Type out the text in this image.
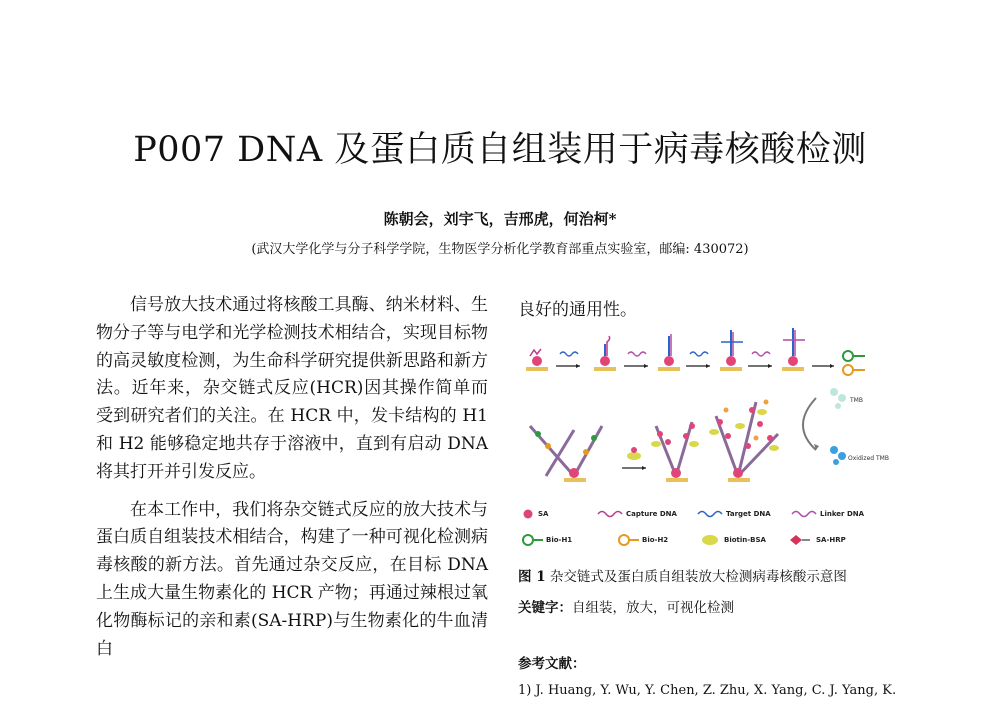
P007 DNA 及蛋白质自组装用于病毒核酸检测
陈朝会，刘宇飞，吉邢虎，何治柯*
(武汉大学化学与分子科学学院，生物医学分析化学教育部重点实验室，邮编: 430072)

信号放大技术通过将核酸工具酶、纳米材料、生物分子等与电学和光学检测技术相结合，实现目标物的高灵敏度检测，为生命科学研究提供新思路和新方法。近年来，杂交链式反应(HCR)因其操作简单而受到研究者们的关注。在 HCR 中，发卡结构的 H1 和 H2 能够稳定地共存于溶液中，直到有启动 DNA 将其打开并引发反应。

在本工作中，我们将杂交链式反应的放大技术与蛋白质自组装技术相结合，构建了一种可视化检测病毒核酸的新方法。首先通过杂交反应，在目标 DNA 上生成大量生物素化的 HCR 产物；再通过辣根过氧化物酶标记的亲和素(SA-HRP)与生物素化的牛血清白

良好的通用性。
TMB
Oxidized TMB
SA	Capture DNA	Target DNA	Linker DNA
Bio-H1	Bio-H2	Biotin-BSA	SA-HRP
图 1 杂交链式及蛋白质自组装放大检测病毒核酸示意图
关键字：自组装，放大，可视化检测
参考文献：
1) J. Huang, Y. Wu, Y. Chen, Z. Zhu, X. Yang, C. J. Yang, K.
